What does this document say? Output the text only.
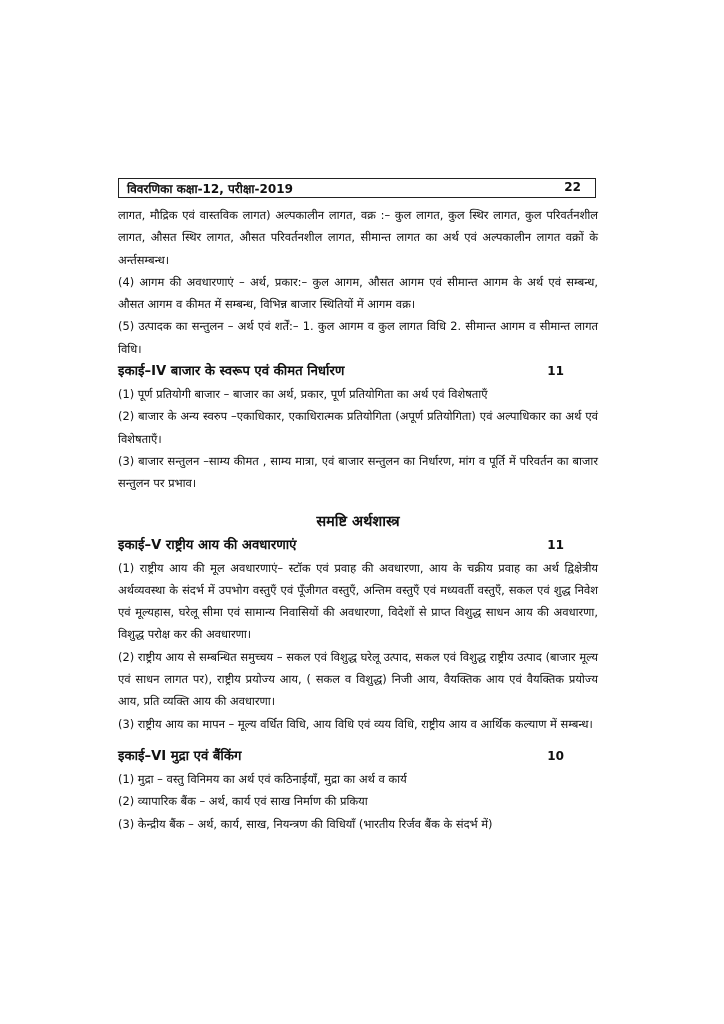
विवरणिका कक्षा-12, परीक्षा-2019	22

लागत, मौद्रिक एवं वास्तविक लागत) अल्पकालीन लागत, वक्र :– कुल लागत, कुल स्थिर लागत, कुल परिवर्तनशील लागत, औसत स्थिर लागत, औसत परिवर्तनशील लागत, सीमान्त लागत का अर्थ एवं अल्पकालीन लागत वक्रों के अर्न्तसम्बन्ध।

(4) आगम की अवधारणाएं – अर्थ, प्रकार:– कुल आगम, औसत आगम एवं सीमान्त आगम के अर्थ एवं सम्बन्ध, औसत आगम व कीमत में सम्बन्ध, विभिन्न बाजार स्थितियों में आगम वक्र।

(5) उत्पादक का सन्तुलन – अर्थ एवं शर्तें:– 1. कुल आगम व कुल लागत विधि 2. सीमान्त आगम व सीमान्त लागत विधि।

इकाई–IV बाजार के स्वरूप एवं कीमत निर्धारण	11

(1) पूर्ण प्रतियोगी बाजार – बाजार का अर्थ, प्रकार, पूर्ण प्रतियोगिता का अर्थ एवं विशेषताएँ

(2) बाजार के अन्य स्वरुप –एकाधिकार, एकाधिरात्मक प्रतियोगिता (अपूर्ण प्रतियोगिता) एवं अल्पाधिकार का अर्थ एवं विशेषताएँ।

(3) बाजार सन्तुलन –साम्य कीमत , साम्य मात्रा, एवं बाजार सन्तुलन का निर्धारण, मांग व पूर्ति में परिवर्तन का बाजार सन्तुलन पर प्रभाव।

समष्टि अर्थशास्त्र
इकाई–V राष्ट्रीय आय की अवधारणाएं	11

(1) राष्ट्रीय आय की मूल अवधारणाएं– स्टॉक एवं प्रवाह की अवधारणा, आय के चक्रीय प्रवाह का अर्थ द्विक्षेत्रीय अर्थव्यवस्था के संदर्भ में उपभोग वस्तुएँ एवं पूँजीगत वस्तुएँ, अन्तिम वस्तुएँ एवं मध्यवर्ती वस्तुएँ, सकल एवं शुद्ध निवेश एवं मूल्यहास, घरेलू सीमा एवं सामान्य निवासियों की अवधारणा, विदेशों से प्राप्त विशुद्ध साधन आय की अवधारणा, विशुद्ध परोक्ष कर की अवधारणा।

(2) राष्ट्रीय आय से सम्बन्धित समुच्चय – सकल एवं विशुद्ध घरेलू उत्पाद, सकल एवं विशुद्ध राष्ट्रीय उत्पाद (बाजार मूल्य एवं साधन लागत पर), राष्ट्रीय प्रयोज्य आय, ( सकल व विशुद्ध) निजी आय, वैयक्तिक आय एवं वैयक्तिक प्रयोज्य आय, प्रति व्यक्ति आय की अवधारणा।

(3) राष्ट्रीय आय का मापन – मूल्य वर्धित विधि, आय विधि एवं व्यय विधि, राष्ट्रीय आय व आर्थिक कल्याण में सम्बन्ध।

इकाई–VI मुद्रा एवं बैंकिंग	10

(1) मुद्रा – वस्तु विनिमय का अर्थ एवं कठिनाईयाँ, मुद्रा का अर्थ व कार्य

(2) व्यापारिक बैंक – अर्थ, कार्य एवं साख निर्माण की प्रकिया

(3) केन्द्रीय बैंक – अर्थ, कार्य, साख, नियन्त्रण की विधियाँ (भारतीय रिर्जव बैंक के संदर्भ में)
